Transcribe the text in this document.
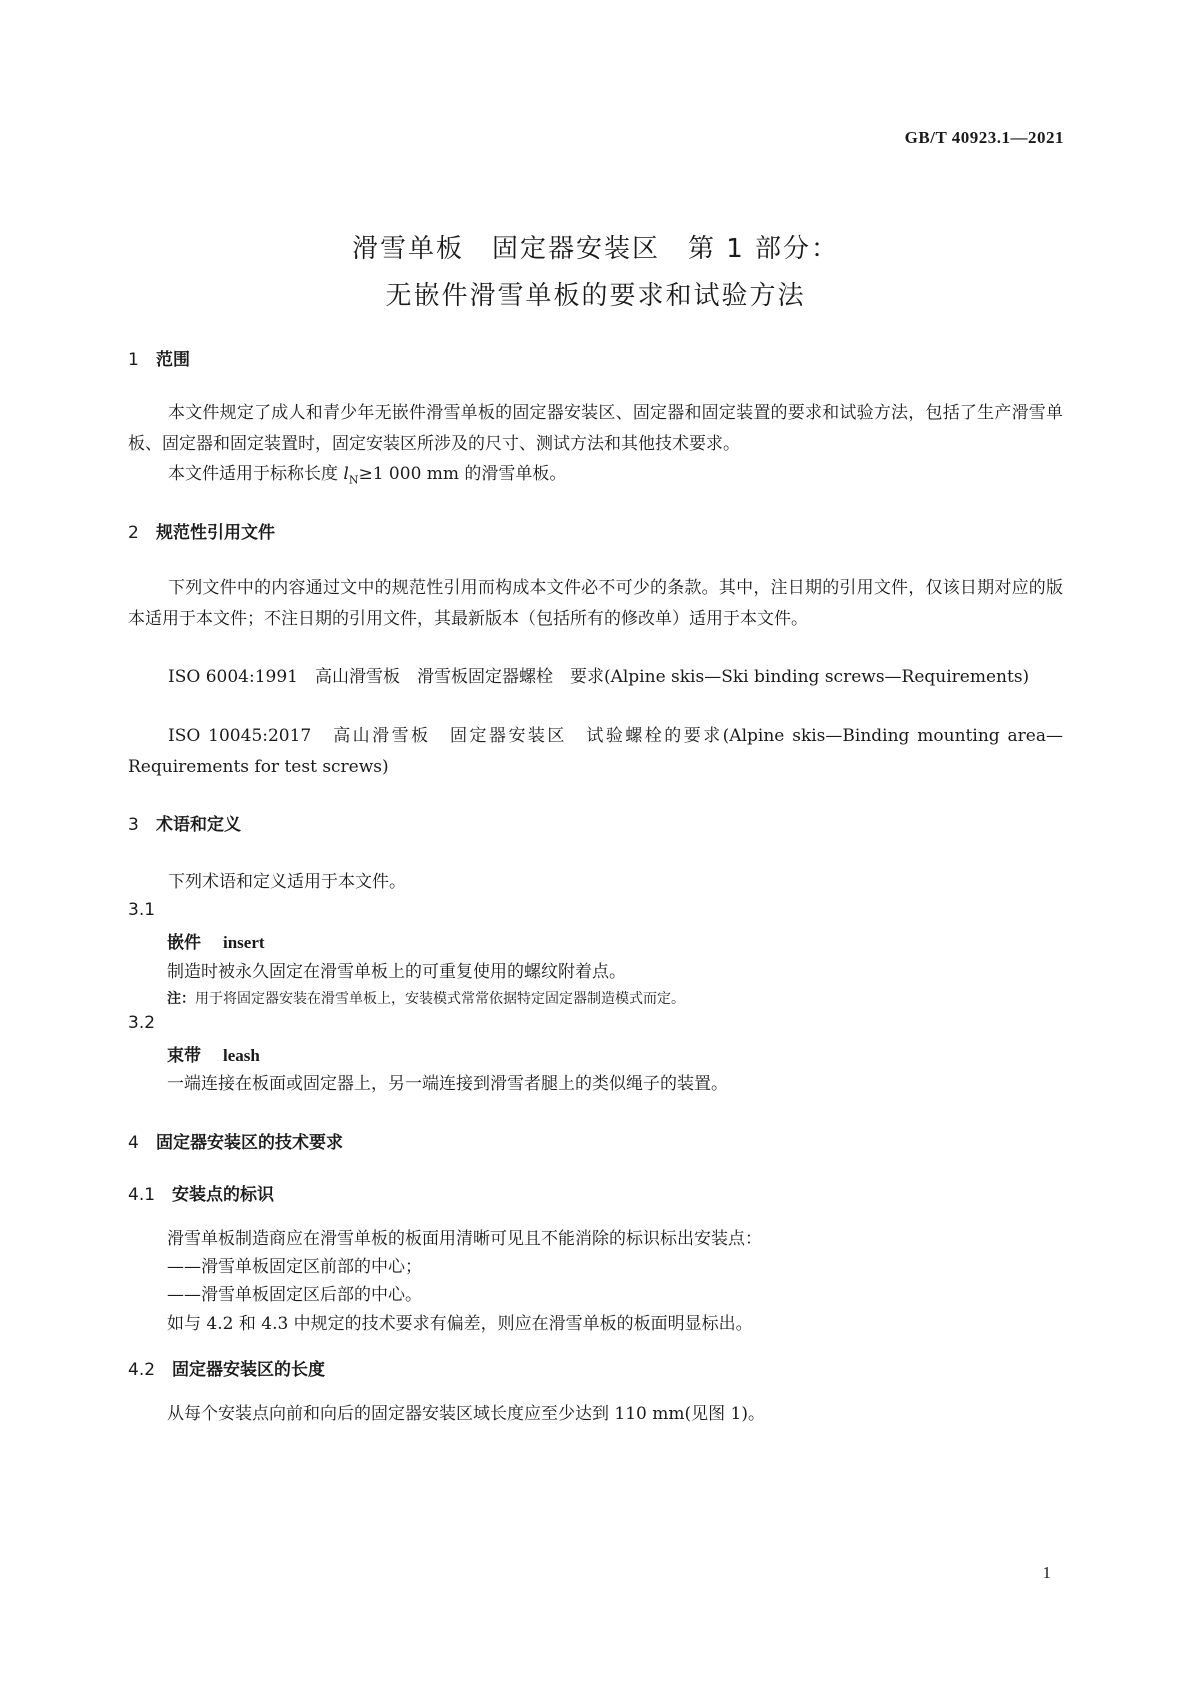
GB/T 40923.1—2021
滑雪单板　固定器安装区　第 1 部分：
无嵌件滑雪单板的要求和试验方法
1 范围
本文件规定了成人和青少年无嵌件滑雪单板的固定器安装区、固定器和固定装置的要求和试验方法，包括了生产滑雪单板、固定器和固定装置时，固定安装区所涉及的尺寸、测试方法和其他技术要求。
本文件适用于标称长度 $l_N\ge 1$ 000 mm 的滑雪单板。
2 规范性引用文件
下列文件中的内容通过文中的规范性引用而构成本文件必不可少的条款。其中，注日期的引用文件，仅该日期对应的版本适用于本文件；不注日期的引用文件，其最新版本（包括所有的修改单）适用于本文件。
ISO 6004:1991　高山滑雪板　滑雪板固定器螺栓　要求(Alpine skis—Ski binding screws—Requirements)
ISO 10045:2017　高山滑雪板　固定器安装区　试验螺栓的要求(Alpine skis—Binding mounting area—Requirements for test screws)
3 术语和定义
下列术语和定义适用于本文件。
3.1
嵌件 insert
制造时被永久固定在滑雪单板上的可重复使用的螺纹附着点。
注：用于将固定器安装在滑雪单板上，安装模式常常依据特定固定器制造模式而定。
3.2
束带 leash
一端连接在板面或固定器上，另一端连接到滑雪者腿上的类似绳子的装置。
4 固定器安装区的技术要求
4.1 安装点的标识
滑雪单板制造商应在滑雪单板的板面用清晰可见且不能消除的标识标出安装点：
——滑雪单板固定区前部的中心；
——滑雪单板固定区后部的中心。
如与 4.2 和 4.3 中规定的技术要求有偏差，则应在滑雪单板的板面明显标出。
4.2 固定器安装区的长度
从每个安装点向前和向后的固定器安装区域长度应至少达到 110 mm(见图 1)。
1
